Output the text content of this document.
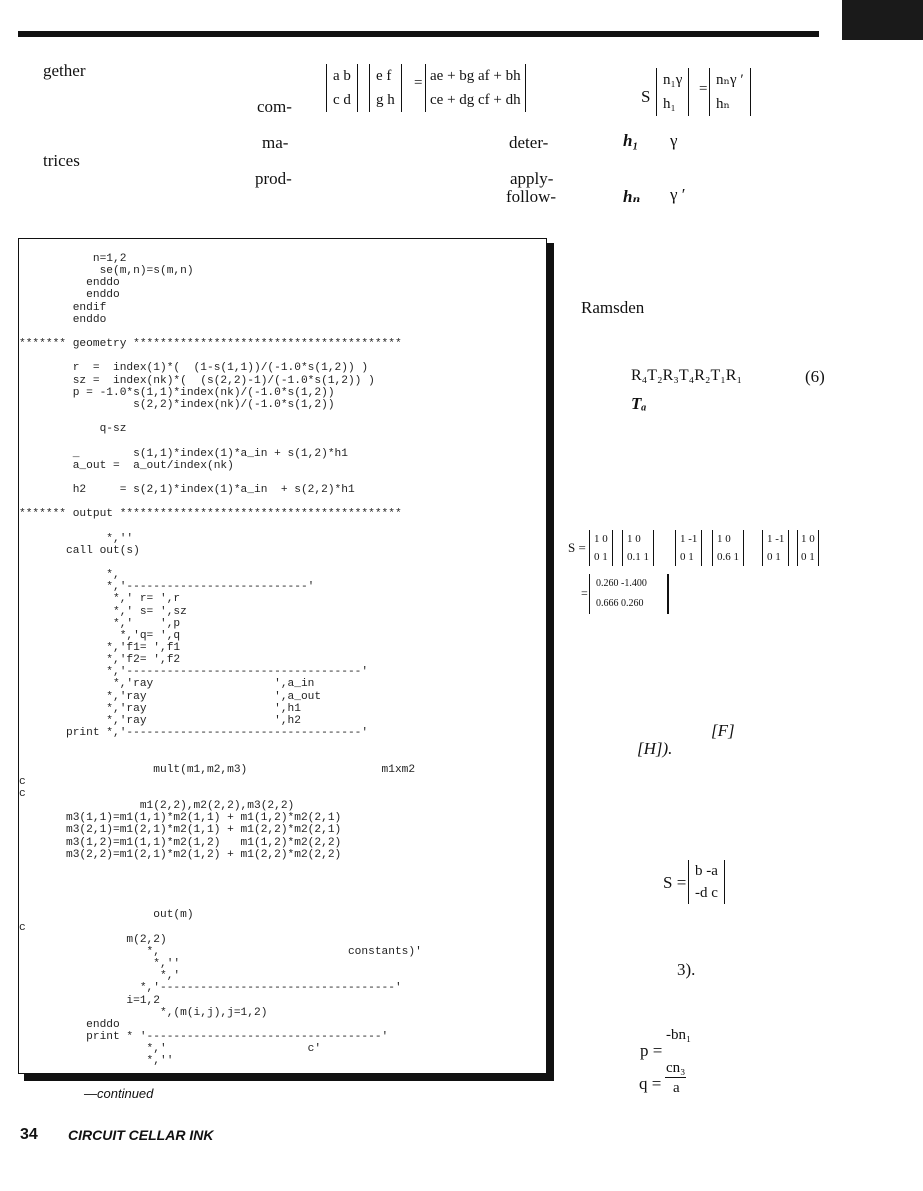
gether
com-
ma-
trices
prod-
deter-
apply-
follow-
a b
c d
e f
g h
= ae + bg af + bh
ce + dg cf + dh	S
n₁γ
h₁
=
nₙγ ′
hₙ
h₁ γ
hₙ γ ′
n=1,2
se(m,n)=s(m,n)
enddo
enddo
endif
enddo

******* geometry ****************************************

r  =  index(1)*(  (1-s(1,1))/(-1.0*s(1,2)) )
sz =  index(nk)*(  (s(2,2)-1)/(-1.0*s(1,2)) )
p = -1.0*s(1,1)*index(nk)/(-1.0*s(1,2))
s(2,2)*index(nk)/(-1.0*s(1,2))

q-sz

_        s(1,1)*index(1)*a_in + s(1,2)*h1
a_out =  a_out/index(nk)

h2     = s(2,1)*index(1)*a_in  + s(2,2)*h1

******* output ******************************************

*,''
call out(s)

*,
*,'---------------------------'
*,' r= ',r
*,' s= ',sz
*,'    ',p
*,'q= ',q
*,'f1= ',f1
*,'f2= ',f2
*,'-----------------------------------'
*,'ray                  ',a_in
*,'ray                   ',a_out
*,'ray                   ',h1
*,'ray                   ',h2
print *,'-----------------------------------'

mult(m1,m2,m3)                    m1xm2
c
c
m1(2,2),m2(2,2),m3(2,2)
m3(1,1)=m1(1,1)*m2(1,1) + m1(1,2)*m2(2,1)
m3(2,1)=m1(2,1)*m2(1,1) + m1(2,2)*m2(2,1)
m3(1,2)=m1(1,1)*m2(1,2)   m1(1,2)*m2(2,2)
m3(2,2)=m1(2,1)*m2(1,2) + m1(2,2)*m2(2,2)

out(m)
c
m(2,2)
*,                            constants)'
*,''
*,'
*,'-----------------------------------'
i=1,2
*,(m(i,j),j=1,2)
enddo
print * '-----------------------------------'
*,'                     c'
*,''
—continued
Ramsden
R₄T₂R₃T₄R₂T₁R₁	(6)
Tₐ
S =
1 0
0 1
1 0
0.1 1
1 -1
0 1
1 0
0.6 1
1 -1
0 1
1 0
0 1
=
0.260 -1.400
0.666 0.260
[F]
[H]).
S =
b -a
-d c
3).
p =
-bn₁
q =
cn₃
a
34 CIRCUIT CELLAR INK
